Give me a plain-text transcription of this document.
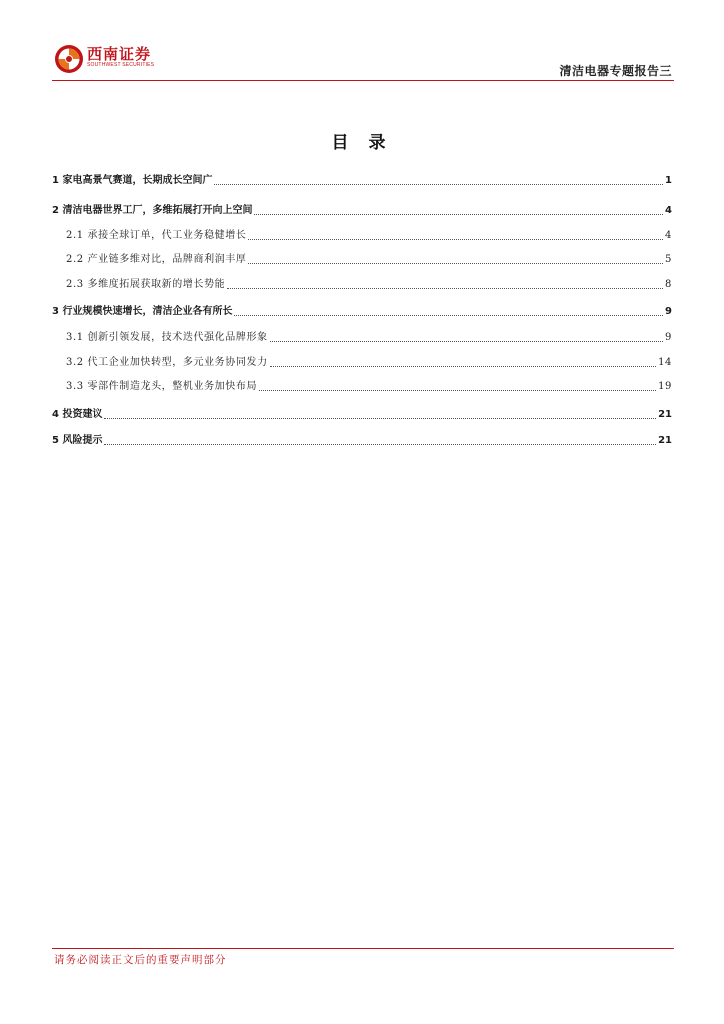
西南证券
SOUTHWEST SECURITIES	清洁电器专题报告三
目 录
1 家电高景气赛道，长期成长空间广	1
2 清洁电器世界工厂，多维拓展打开向上空间	4
2.1 承接全球订单，代工业务稳健增长	4
2.2 产业链多维对比，品牌商利润丰厚	5
2.3 多维度拓展获取新的增长势能	8
3 行业规模快速增长，清洁企业各有所长	9
3.1 创新引领发展，技术迭代强化品牌形象	9
3.2 代工企业加快转型，多元业务协同发力	14
3.3 零部件制造龙头，整机业务加快布局	19
4 投资建议	21
5 风险提示	21
请务必阅读正文后的重要声明部分
